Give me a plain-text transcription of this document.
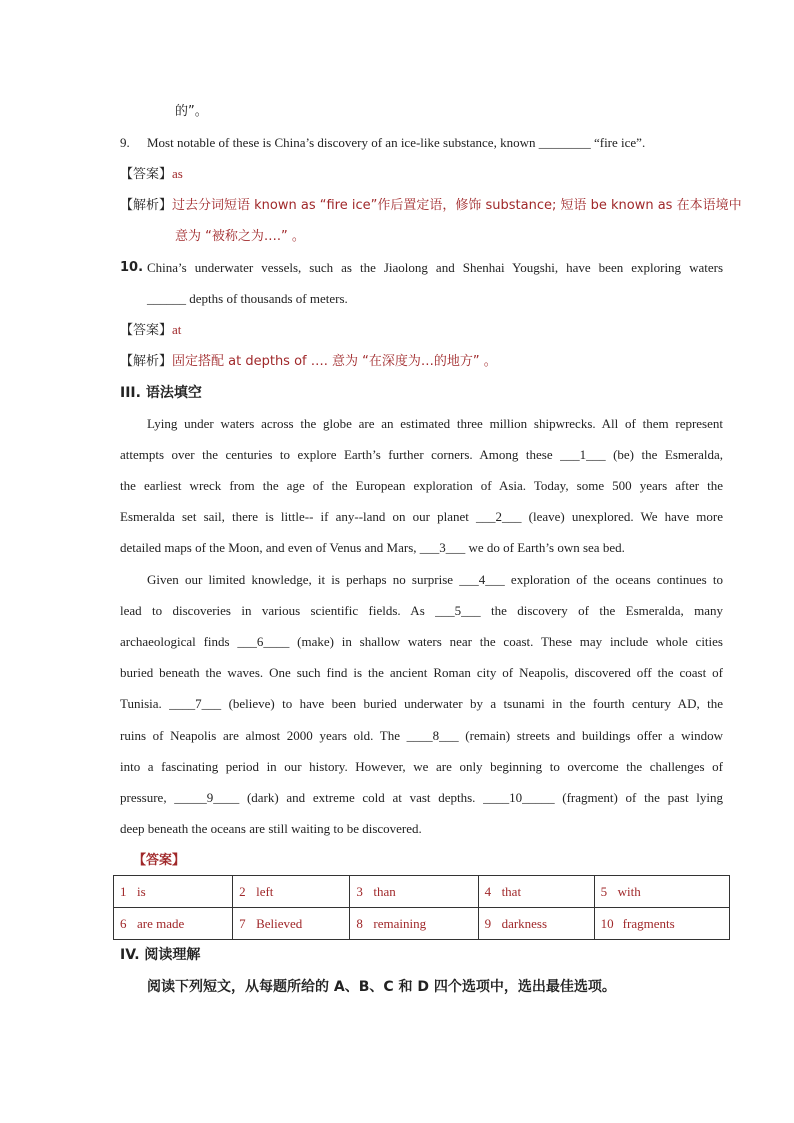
的”。
9. Most notable of these is China’s discovery of an ice-like substance, known ________ “fire ice”.
【答案】as
【解析】过去分词短语 known as “fire ice”作后置定语，修饰 substance; 短语 be known as 在本语境中
意为 “被称之为….” 。
10. China’s underwater vessels, such as the Jiaolong and Shenhai Yougshi, have been exploring waters
______ depths of thousands of meters.
【答案】at
【解析】固定搭配 at depths of …. 意为 “在深度为…的地方” 。
III. 语法填空
Lying under waters across the globe are an estimated three million shipwrecks. All of them represent
attempts over the centuries to explore Earth’s further corners. Among these ___1___ (be) the Esmeralda,
the earliest wreck from the age of the European exploration of Asia. Today, some 500 years after the
Esmeralda set sail, there is little-- if any--land on our planet ___2___ (leave) unexplored. We have more
detailed maps of the Moon, and even of Venus and Mars, ___3___ we do of Earth’s own sea bed.
Given our limited knowledge, it is perhaps no surprise ___4___ exploration of the oceans continues to
lead to discoveries in various scientific fields. As ___5___ the discovery of the Esmeralda, many
archaeological finds ___6____ (make) in shallow waters near the coast. These may include whole cities
buried beneath the waves. One such find is the ancient Roman city of Neapolis, discovered off the coast of
Tunisia. ____7___ (believe) to have been buried underwater by a tsunami in the fourth century AD, the
ruins of Neapolis are almost 2000 years old. The ____8___ (remain) streets and buildings offer a window
into a fascinating period in our history. However, we are only beginning to overcome the challenges of
pressure, _____9____ (dark) and extreme cold at vast depths. ____10_____ (fragment) of the past lying
deep beneath the oceans are still waiting to be discovered.
【答案】
1 is	2 left	3 than	4 that	5 with
6 are made	7 Believed	8 remaining	9 darkness	10 fragments
IV. 阅读理解
阅读下列短文，从每题所给的 A、B、C 和 D 四个选项中，选出最佳选项。
